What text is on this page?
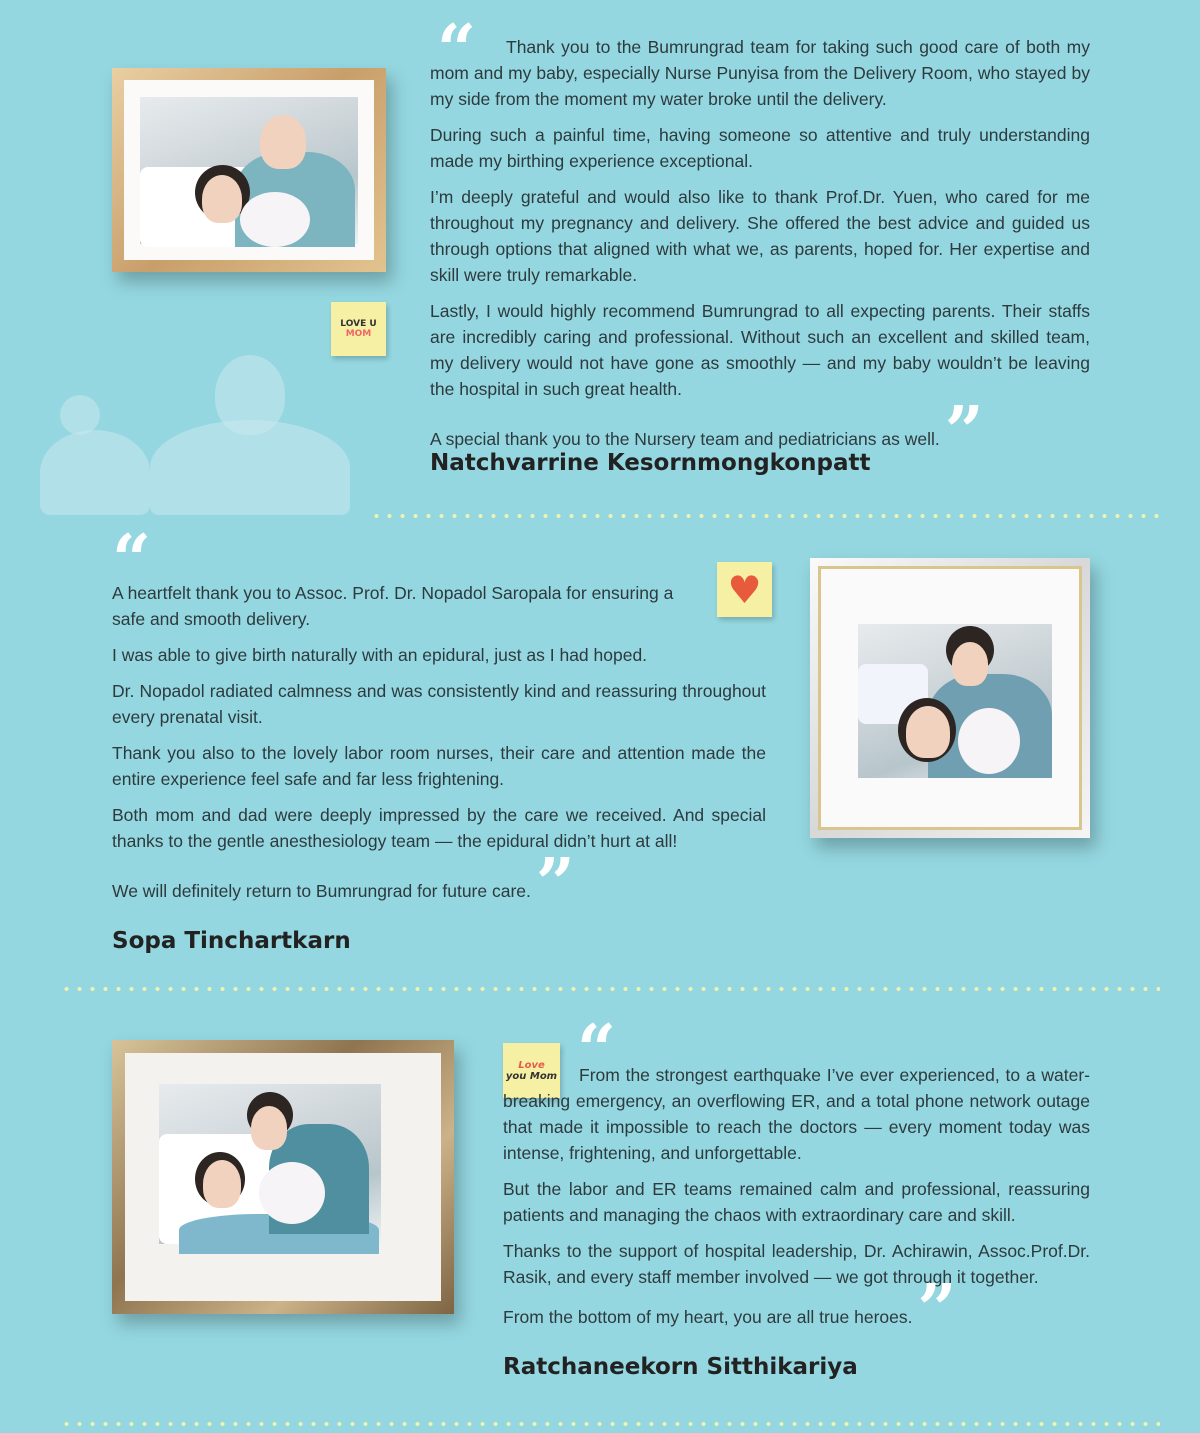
LOVE U
MOM
“	Thank you to the Bumrungrad team for taking such good care of both my mom and my baby, especially Nurse Punyisa from the Delivery Room, who stayed by my side from the moment my water broke until the delivery.

During such a painful time, having someone so attentive and truly understanding made my birthing experience exceptional.

I’m deeply grateful and would also like to thank Prof.Dr. Yuen, who cared for me throughout my pregnancy and delivery. She offered the best advice and guided us through options that aligned with what we, as parents, hoped for. Her expertise and skill were truly remarkable.

Lastly, I would highly recommend Bumrungrad to all expecting parents. Their staffs are incredibly caring and professional. Without such an excellent and skilled team, my delivery would not have gone as smoothly — and my baby wouldn’t be leaving the hospital in such great health.

A special thank you to the Nursery team and pediatricians as well. ”

Natchvarrine Kesornmongkonpatt
“	♥

A heartfelt thank you to Assoc. Prof. Dr. Nopadol Saropala for ensuring a safe and smooth delivery.

I was able to give birth naturally with an epidural, just as I had hoped.

Dr. Nopadol radiated calmness and was consistently kind and reassuring throughout every prenatal visit.

Thank you also to the lovely labor room nurses, their care and attention made the entire experience feel safe and far less frightening.

Both mom and dad were deeply impressed by the care we received. And special thanks to the gentle anesthesiology team — the epidural didn’t hurt at all!

We will definitely return to Bumrungrad for future care. ”

Sopa Tinchartkarn
Love
you Mom “

From the strongest earthquake I’ve ever experienced, to a water-breaking emergency, an overflowing ER, and a total phone network outage that made it impossible to reach the doctors — every moment today was intense, frightening, and unforgettable.

But the labor and ER teams remained calm and professional, reassuring patients and managing the chaos with extraordinary care and skill.

Thanks to the support of hospital leadership, Dr. Achirawin, Assoc.Prof.Dr. Rasik, and every staff member involved — we got through it together.

From the bottom of my heart, you are all true heroes. ”

Ratchaneekorn Sitthikariya
